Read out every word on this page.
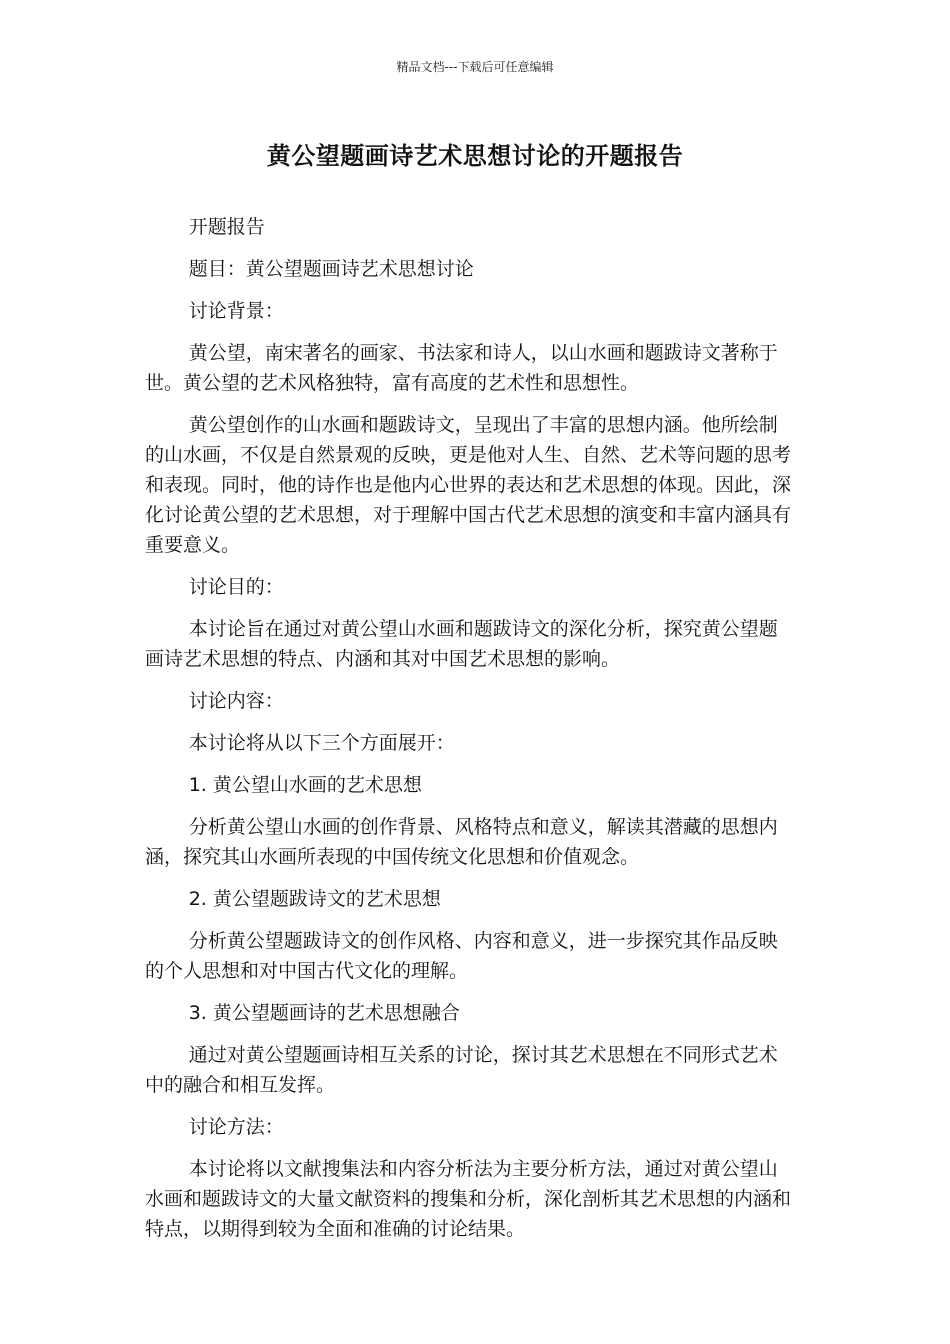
精品文档---下载后可任意编辑
黄公望题画诗艺术思想讨论的开题报告

开题报告

题目：黄公望题画诗艺术思想讨论

讨论背景：

黄公望，南宋著名的画家、书法家和诗人，以山水画和题跋诗文著称于世。黄公望的艺术风格独特，富有高度的艺术性和思想性。

黄公望创作的山水画和题跋诗文，呈现出了丰富的思想内涵。他所绘制的山水画，不仅是自然景观的反映，更是他对人生、自然、艺术等问题的思考和表现。同时，他的诗作也是他内心世界的表达和艺术思想的体现。因此，深化讨论黄公望的艺术思想，对于理解中国古代艺术思想的演变和丰富内涵具有重要意义。

讨论目的：

本讨论旨在通过对黄公望山水画和题跋诗文的深化分析，探究黄公望题画诗艺术思想的特点、内涵和其对中国艺术思想的影响。

讨论内容：

本讨论将从以下三个方面展开：

1. 黄公望山水画的艺术思想

分析黄公望山水画的创作背景、风格特点和意义，解读其潜藏的思想内涵，探究其山水画所表现的中国传统文化思想和价值观念。

2. 黄公望题跋诗文的艺术思想

分析黄公望题跋诗文的创作风格、内容和意义，进一步探究其作品反映的个人思想和对中国古代文化的理解。

3. 黄公望题画诗的艺术思想融合

通过对黄公望题画诗相互关系的讨论，探讨其艺术思想在不同形式艺术中的融合和相互发挥。

讨论方法：

本讨论将以文献搜集法和内容分析法为主要分析方法，通过对黄公望山水画和题跋诗文的大量文献资料的搜集和分析，深化剖析其艺术思想的内涵和特点，以期得到较为全面和准确的讨论结果。
